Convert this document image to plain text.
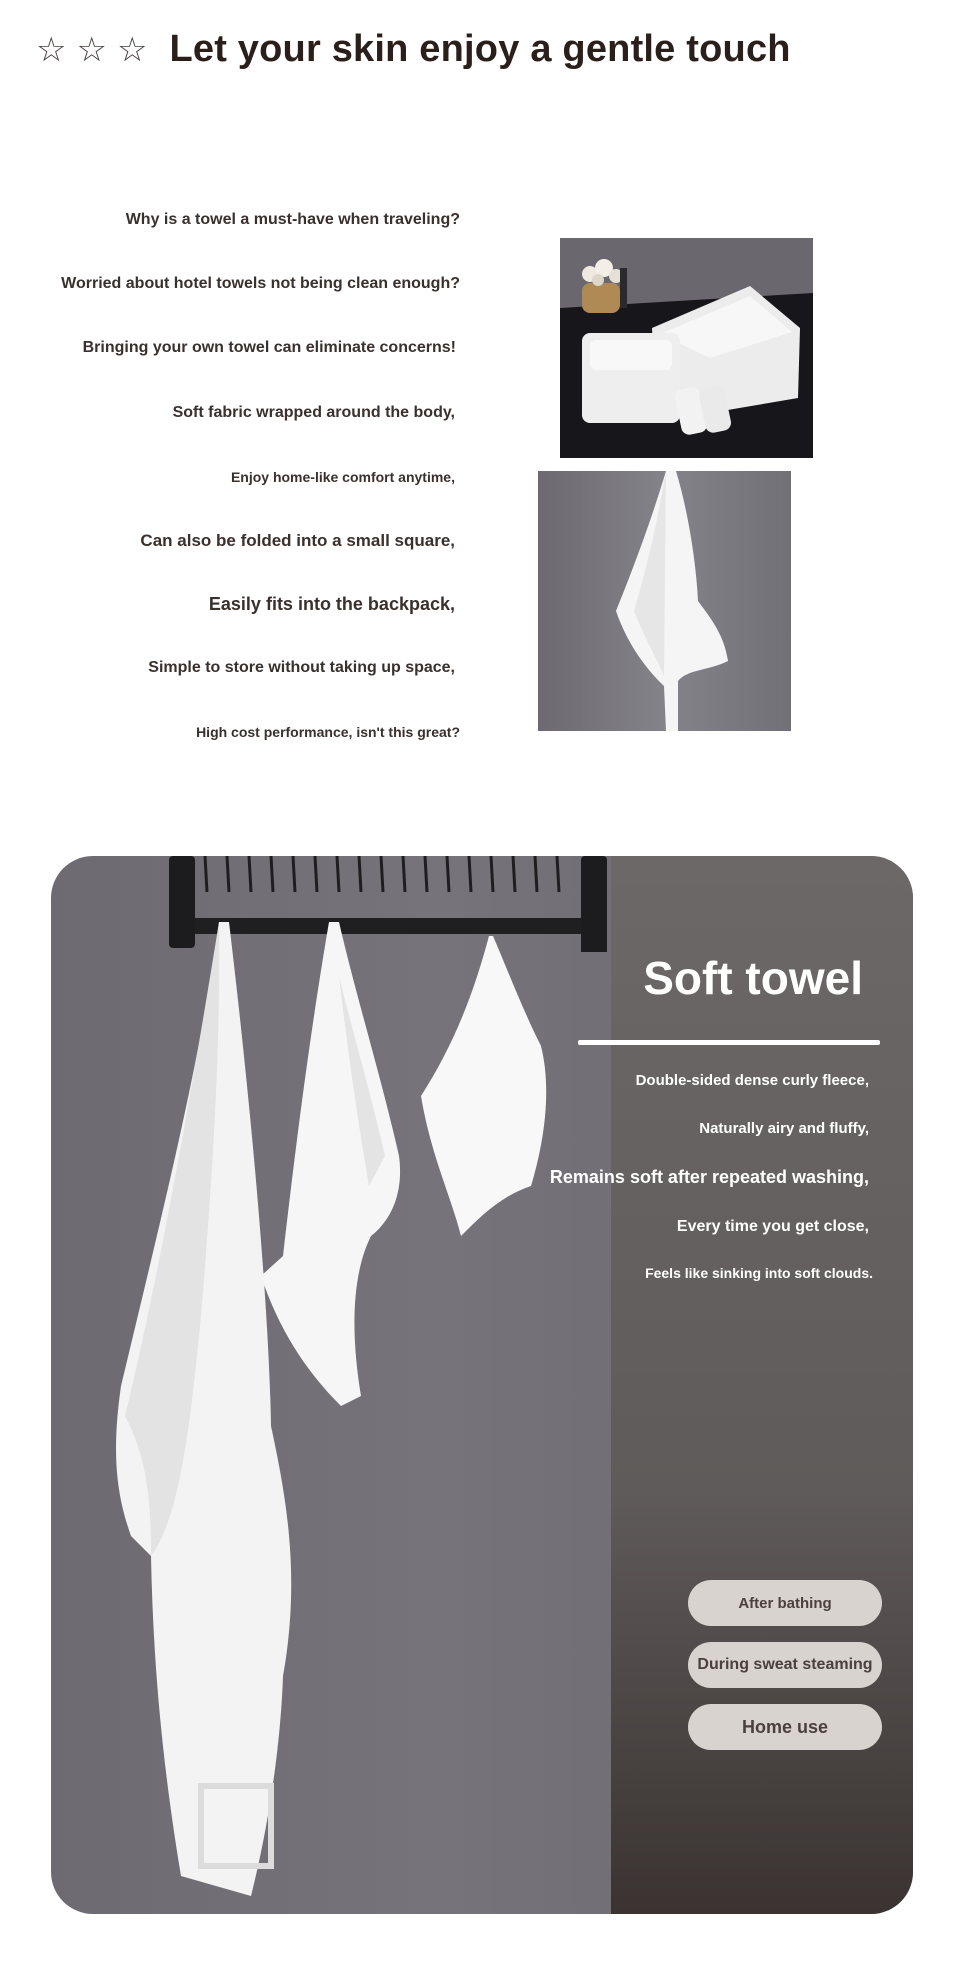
☆ ☆ ☆ Let your skin enjoy a gentle touch
Why is a towel a must-have when traveling?
Worried about hotel towels not being clean enough?
Bringing your own towel can eliminate concerns!
Soft fabric wrapped around the body,
Enjoy home-like comfort anytime,
Can also be folded into a small square,
Easily fits into the backpack,
Simple to store without taking up space,
High cost performance, isn't this great?
Soft towel
Double-sided dense curly fleece,
Naturally airy and fluffy,
Remains soft after repeated washing,
Every time you get close,
Feels like sinking into soft clouds.
After bathing
During sweat steaming
Home use
